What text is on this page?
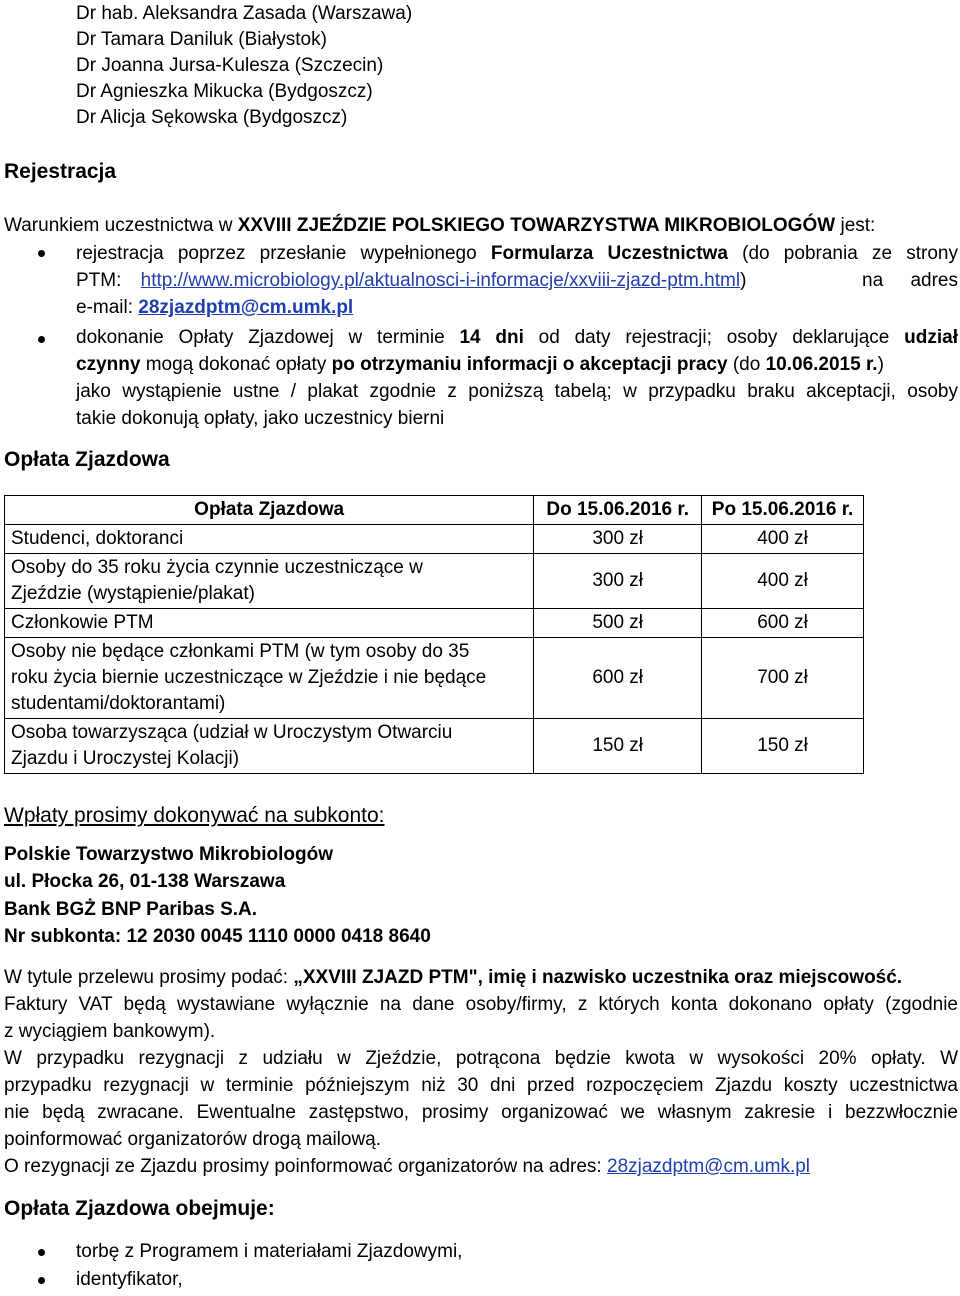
Dr hab. Aleksandra Zasada (Warszawa)
Dr Tamara Daniluk (Białystok)
Dr Joanna Jursa-Kulesza (Szczecin)
Dr Agnieszka Mikucka (Bydgoszcz)
Dr Alicja Sękowska (Bydgoszcz)
Rejestracja
Warunkiem uczestnictwa w XXVIII ZJEŹDZIE POLSKIEGO TOWARZYSTWA MIKROBIOLOGÓW jest:
rejestracja poprzez przesłanie wypełnionego Formularza Uczestnictwa (do pobrania ze strony
PTM: http://www.microbiology.pl/aktualnosci-i-informacje/xxviii-zjazd-ptm.html)	na adres
e-mail: 28zjazdptm@cm.umk.pl
dokonanie Opłaty Zjazdowej w terminie 14 dni od daty rejestracji; osoby deklarujące udział
czynny mogą dokonać opłaty po otrzymaniu informacji o akceptacji pracy (do 10.06.2015 r.)
jako wystąpienie ustne / plakat zgodnie z poniższą tabelą; w przypadku braku akceptacji, osoby
takie dokonują opłaty, jako uczestnicy bierni
Opłata Zjazdowa
Opłata Zjazdowa	Do 15.06.2016 r.	Po 15.06.2016 r.
Studenci, doktoranci	300 zł	400 zł
Osoby do 35 roku życia czynnie uczestniczące w
Zjeździe (wystąpienie/plakat)	300 zł	400 zł
Członkowie PTM	500 zł	600 zł
Osoby nie będące członkami PTM (w tym osoby do 35
roku życia biernie uczestniczące w Zjeździe i nie będące
studentami/doktorantami)	600 zł	700 zł
Osoba towarzysząca (udział w Uroczystym Otwarciu
Zjazdu i Uroczystej Kolacji)	150 zł	150 zł
Wpłaty prosimy dokonywać na subkonto:
Polskie Towarzystwo Mikrobiologów
ul. Płocka 26, 01-138 Warszawa
Bank BGŻ BNP Paribas S.A.
Nr subkonta: 12 2030 0045 1110 0000 0418 8640
W tytule przelewu prosimy podać: „XXVIII ZJAZD PTM", imię i nazwisko uczestnika oraz miejscowość.
Faktury VAT będą wystawiane wyłącznie na dane osoby/firmy, z których konta dokonano opłaty (zgodnie
z wyciągiem bankowym).
W przypadku rezygnacji z udziału w Zjeździe, potrącona będzie kwota w wysokości 20% opłaty. W
przypadku rezygnacji w terminie późniejszym niż 30 dni przed rozpoczęciem Zjazdu koszty uczestnictwa
nie będą zwracane. Ewentualne zastępstwo, prosimy organizować we własnym zakresie i bezzwłocznie
poinformować organizatorów drogą mailową.
O rezygnacji ze Zjazdu prosimy poinformować organizatorów na adres: 28zjazdptm@cm.umk.pl
Opłata Zjazdowa obejmuje:
torbę z Programem i materiałami Zjazdowymi,
identyfikator,
